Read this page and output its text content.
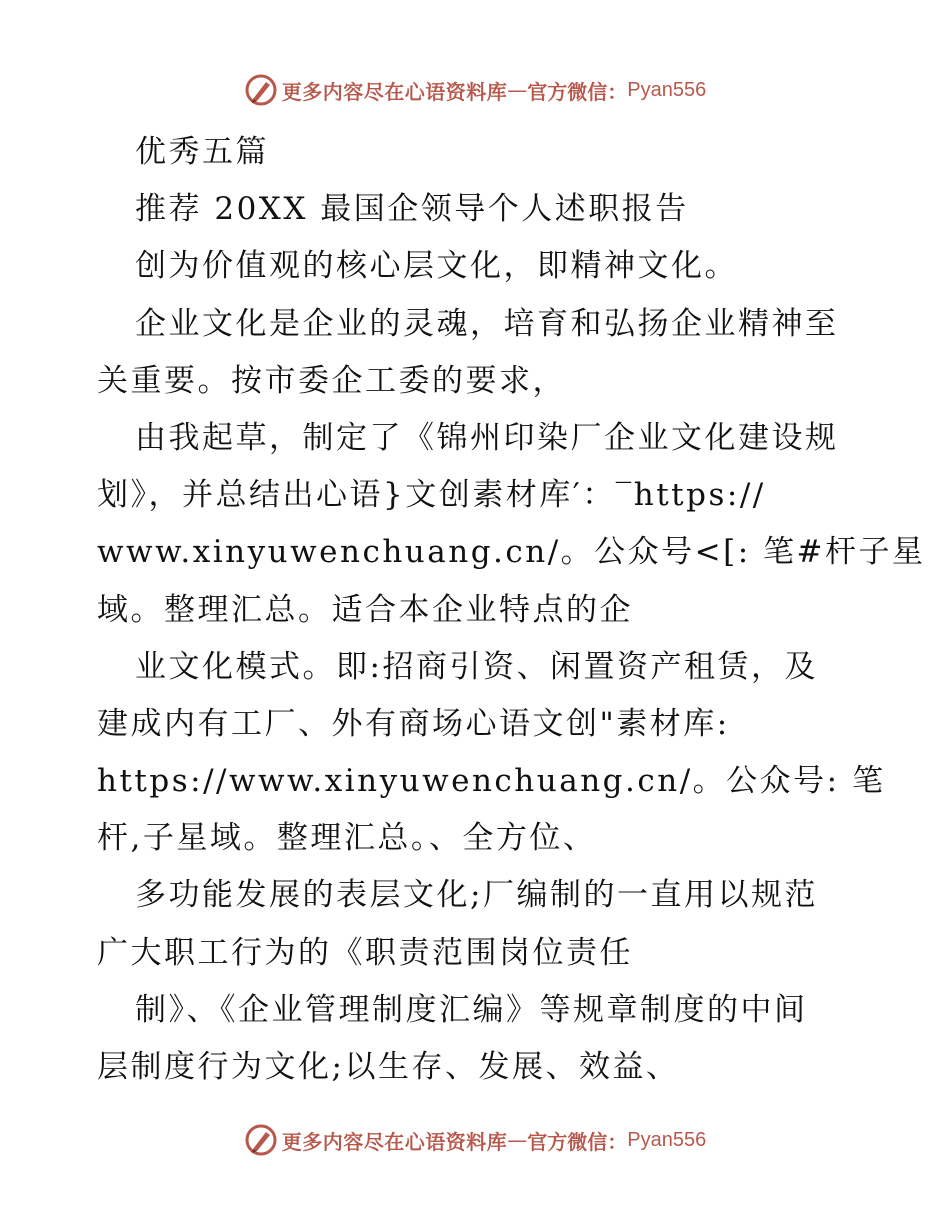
更多内容尽在心语资料库 — 官方微信： Pyan556
优秀五篇
推荐 20XX 最国企领导个人述职报告
创为价值观的核心层文化，即精神文化。
企业文化是企业的灵魂，培育和弘扬企业精神至
关重要。按市委企工委的要求，
由我起草，制定了《锦州印染厂企业文化建设规
划》，并总结出心语}文创素材库′：‾https://
www.xinyuwenchuang.cn/。公众号<[: 笔#杆子星
域。整理汇总。适合本企业特点的企
业文化模式。即:招商引资、闲置资产租赁，及
建成内有工厂、外有商场心语文创"素材库:
https://www.xinyuwenchuang.cn/。公众号: 笔
杆,子星域。整理汇总。、全方位、
多功能发展的表层文化;厂编制的一直用以规范
广大职工行为的《职责范围岗位责任
制》、《企业管理制度汇编》等规章制度的中间
层制度行为文化;以生存、发展、效益、
更多内容尽在心语资料库 — 官方微信： Pyan556
